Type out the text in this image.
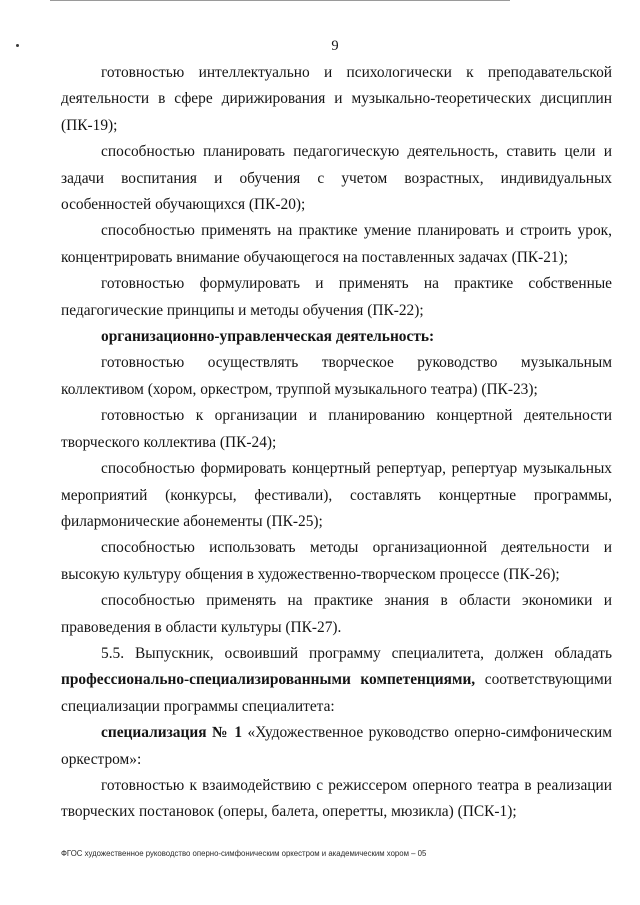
9

готовностью интеллектуально и психологически к преподавательской деятельности в сфере дирижирования и музыкально-теоретических дисциплин (ПК-19);

способностью планировать педагогическую деятельность, ставить цели и задачи воспитания и обучения с учетом возрастных, индивидуальных особенностей обучающихся (ПК-20);

способностью применять на практике умение планировать и строить урок, концентрировать внимание обучающегося на поставленных задачах (ПК-21);

готовностью формулировать и применять на практике собственные педагогические принципы и методы обучения (ПК-22);

организационно-управленческая деятельность:

готовностью осуществлять творческое руководство музыкальным коллективом (хором, оркестром, труппой музыкального театра) (ПК-23);

готовностью к организации и планированию концертной деятельности творческого коллектива (ПК-24);

способностью формировать концертный репертуар, репертуар музыкальных мероприятий (конкурсы, фестивали), составлять концертные программы, филармонические абонементы (ПК-25);

способностью использовать методы организационной деятельности и высокую культуру общения в художественно-творческом процессе (ПК-26);

способностью применять на практике знания в области экономики и правоведения в области культуры (ПК-27).

5.5. Выпускник, освоивший программу специалитета, должен обладать профессионально-специализированными компетенциями, соответствующими специализации программы специалитета:

специализация № 1 «Художественное руководство оперно-симфоническим оркестром»:

готовностью к взаимодействию с режиссером оперного театра в реализации творческих постановок (оперы, балета, оперетты, мюзикла) (ПСК-1);

ФГОС художественное руководство оперно-симфоническим оркестром и академическим хором – 05
